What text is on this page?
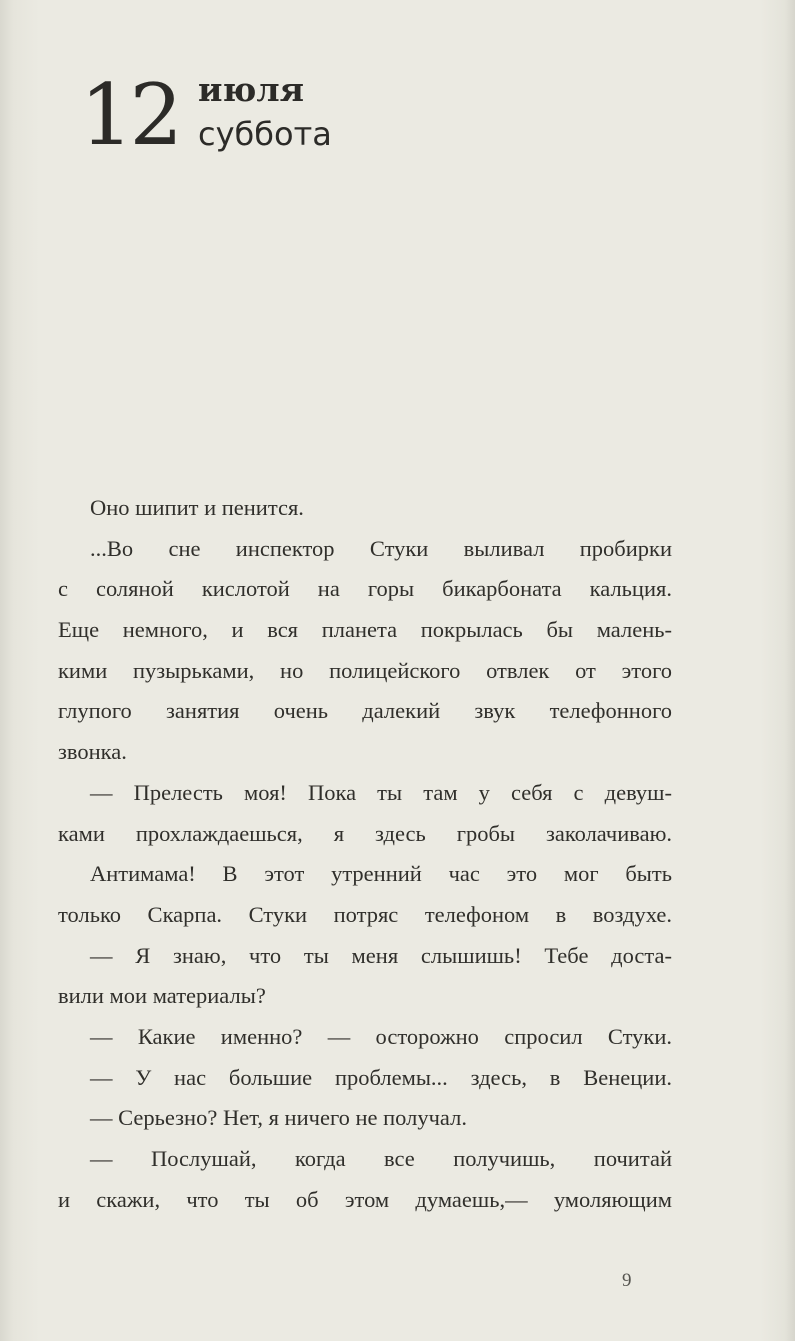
12 июля
суббота
Оно шипит и пенится.
...Во сне инспектор Стуки выливал пробирки
с соляной кислотой на горы бикарбоната кальция.
Еще немного, и вся планета покрылась бы малень-
кими пузырьками, но полицейского отвлек от этого
глупого занятия очень далекий звук телефонного
звонка.
— Прелесть моя! Пока ты там у себя с девуш-
ками прохлаждаешься, я здесь гробы заколачиваю.
Антимама! В этот утренний час это мог быть
только Скарпа. Стуки потряс телефоном в воздухе.
— Я знаю, что ты меня слышишь! Тебе доста-
вили мои материалы?
— Какие именно? — осторожно спросил Стуки.
— У нас большие проблемы... здесь, в Венеции.
— Серьезно? Нет, я ничего не получал.
— Послушай, когда все получишь, почитай
и скажи, что ты об этом думаешь,— умоляющим
9
